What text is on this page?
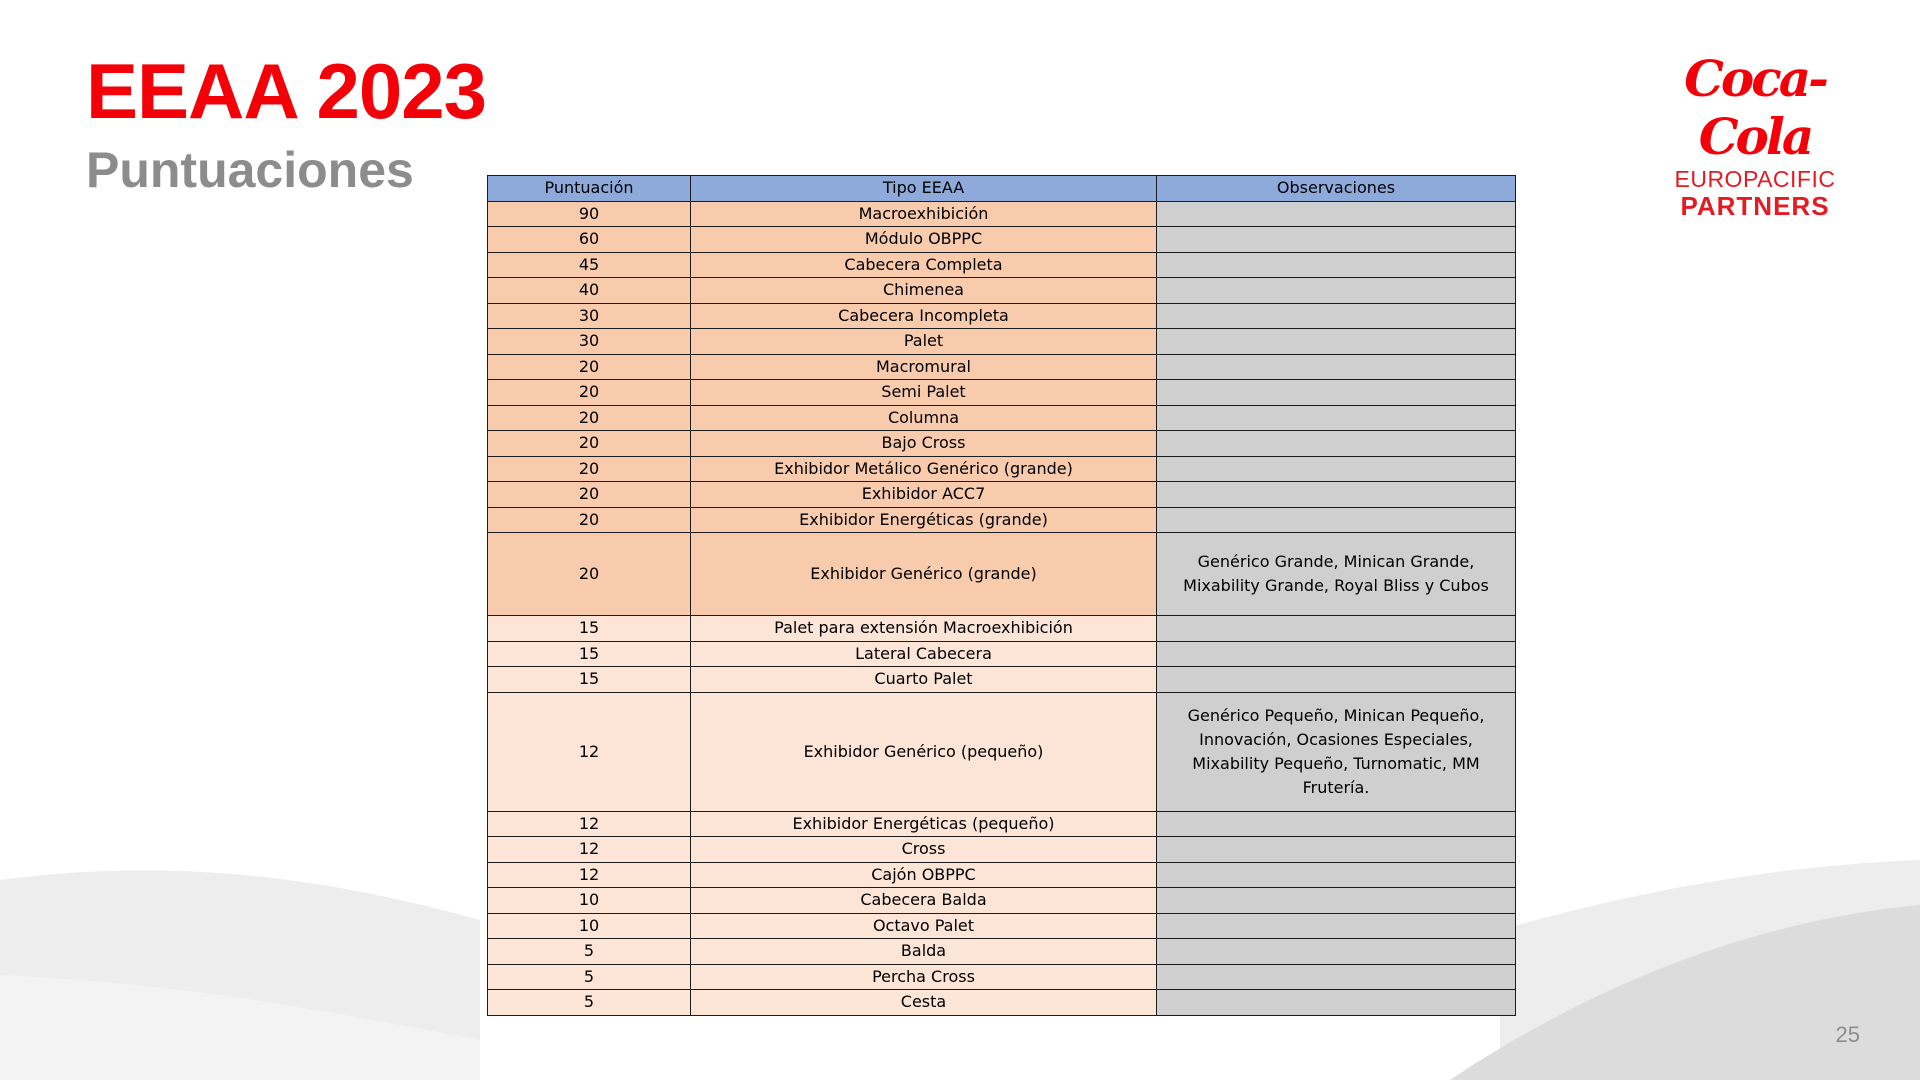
EEAA 2023
Puntuaciones
Coca-Cola
EUROPACIFIC
PARTNERS
Puntuación	Tipo EEAA	Observaciones
90	Macroexhibición	
60	Módulo OBPPC	
45	Cabecera Completa	
40	Chimenea	
30	Cabecera Incompleta	
30	Palet	
20	Macromural	
20	Semi Palet	
20	Columna	
20	Bajo Cross	
20	Exhibidor Metálico Genérico (grande)	
20	Exhibidor ACC7	
20	Exhibidor Energéticas (grande)	
20	Exhibidor Genérico (grande)	Genérico Grande, Minican Grande, Mixability Grande, Royal Bliss y Cubos
15	Palet para extensión Macroexhibición	
15	Lateral Cabecera	
15	Cuarto Palet	
12	Exhibidor Genérico (pequeño)	Genérico Pequeño, Minican Pequeño, Innovación, Ocasiones Especiales, Mixability Pequeño, Turnomatic, MM Frutería.
12	Exhibidor Energéticas (pequeño)	
12	Cross	
12	Cajón OBPPC	
10	Cabecera Balda	
10	Octavo Palet	
5	Balda	
5	Percha Cross	
5	Cesta	
25
